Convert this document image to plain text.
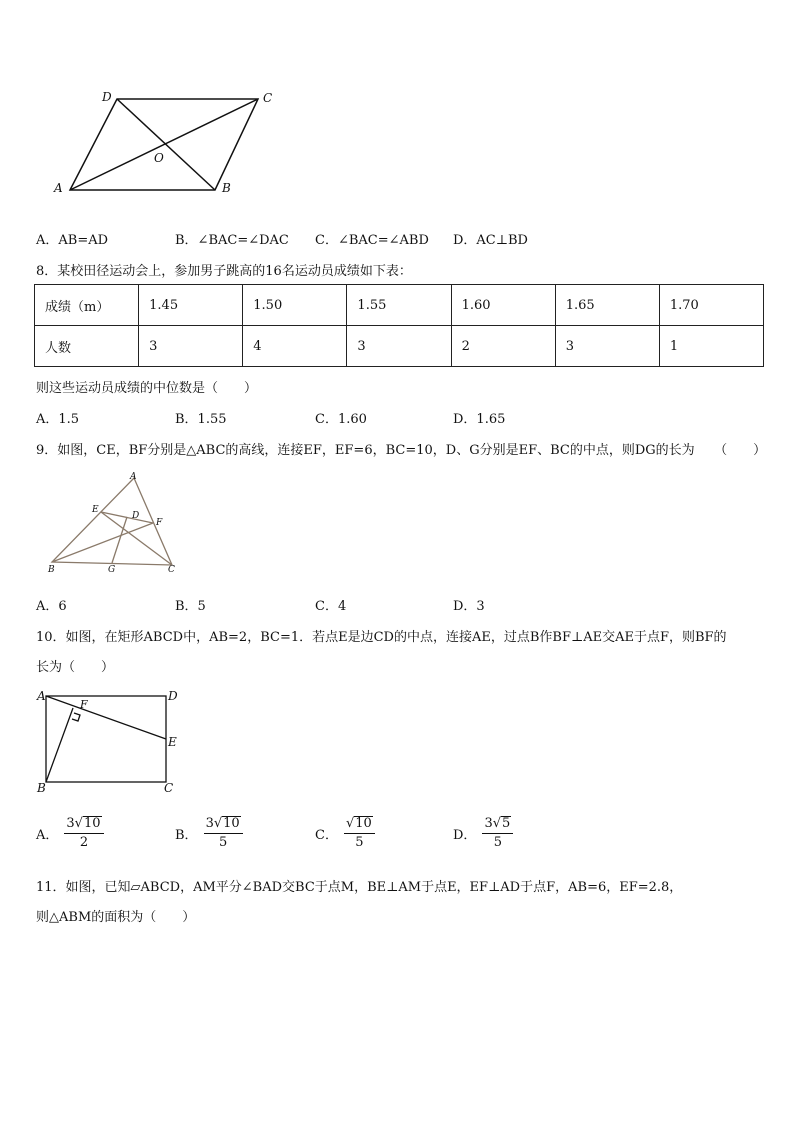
D	C
O
A	B
A．AB=AD	B．∠BAC=∠DAC C．∠BAC=∠ABD D．AC⊥BD
8．某校田径运动会上，参加男子跳高的16名运动员成绩如下表：
成绩（m）	1.45	1.50	1.55	1.60	1.65	1.70
人数	3	4	3	2	3	1
则这些运动员成绩的中位数是（　　）
A．1.5	B．1.55	C．1.60	D．1.65
9．如图，CE，BF分别是△ABC的高线，连接EF，EF=6，BC=10，D、G分别是EF、BC的中点，则DG的长为　　（　　）
A
E
D
F
B	G	C
A．6	B．5	C．4	D．3
10．如图，在矩形ABCD中，AB=2，BC=1．若点E是边CD的中点，连接AE，过点B作BF⊥AE交AE于点F，则BF的
长为（　　）
A	D
F
E
B	C
A． $\frac{3√10}{2}$	B． $\frac{3√10}{5}$	C． $\frac{√10}{5}$	D． $\frac{3√5}{5}$
11．如图，已知▱ABCD，AM平分∠BAD交BC于点M，BE⊥AM于点E，EF⊥AD于点F，AB=6，EF=2.8，
则△ABM的面积为（　　）
